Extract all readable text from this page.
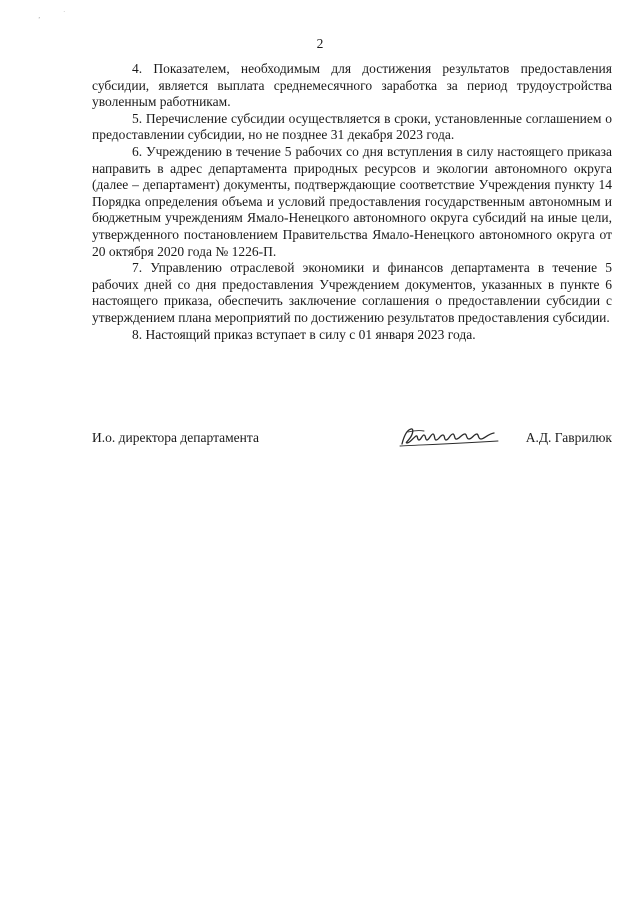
‚	˙
2

4. Показателем, необходимым для достижения результатов предоставления субсидии, является выплата среднемесячного заработка за период трудоустройства уволенным работникам.

5. Перечисление субсидии осуществляется в сроки, установленные соглашением о предоставлении субсидии, но не позднее 31 декабря 2023 года.

6. Учреждению в течение 5 рабочих со дня вступления в силу настоящего приказа направить в адрес департамента природных ресурсов и экологии автономного округа (далее – департамент) документы, подтверждающие соответствие Учреждения пункту 14 Порядка определения объема и условий предоставления государственным автономным и бюджетным учреждениям Ямало-Ненецкого автономного округа субсидий на иные цели, утвержденного постановлением Правительства Ямало-Ненецкого автономного округа от 20 октября 2020 года № 1226-П.

7. Управлению отраслевой экономики и финансов департамента в течение 5 рабочих дней со дня предоставления Учреждением документов, указанных в пункте 6 настоящего приказа, обеспечить заключение соглашения о предоставлении субсидии с утверждением плана мероприятий по достижению результатов предоставления субсидии.

8. Настоящий приказ вступает в силу с 01 января 2023 года.

И.о. директора департамента	А.Д. Гаврилюк
